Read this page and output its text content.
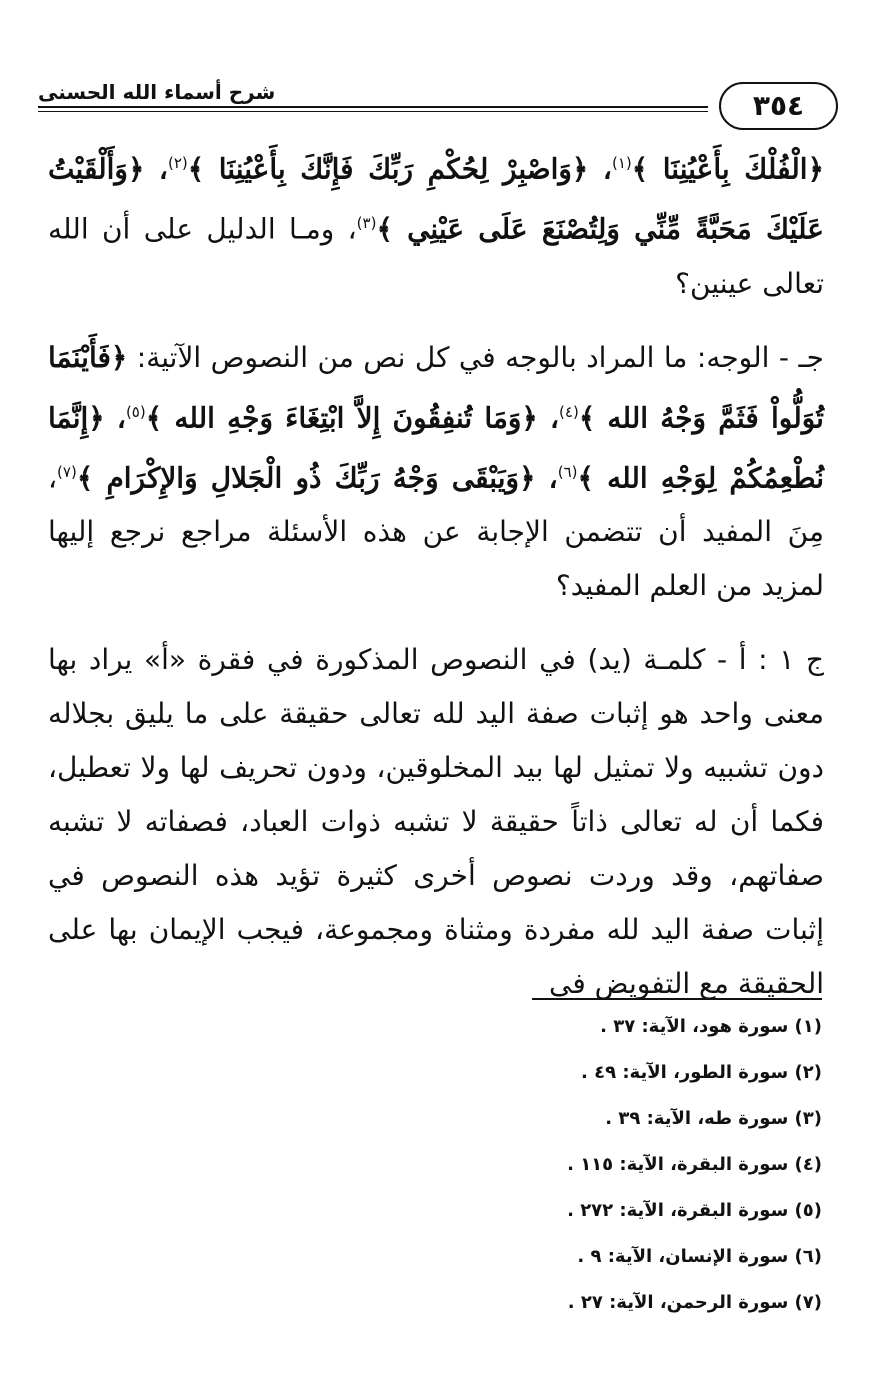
شرح أسماء الله الحسنى	٣٥٤

﴿الْفُلْكَ بِأَعْيُنِنَا ﴾$^{(١)}$، ﴿وَاصْبِرْ لِحُكْمِ رَبِّكَ فَإِنَّكَ بِأَعْيُنِنَا ﴾$^{(٢)}$، ﴿وَأَلْقَيْتُ عَلَيْكَ مَحَبَّةً مِّنِّي وَلِتُصْنَعَ عَلَى عَيْنِي ﴾$^{(٣)}$، ومـا الدليل على أن الله تعالى عينين؟

جـ - الوجه: ما المراد بالوجه في كل نص من النصوص الآتية: ﴿فَأَيْنَمَا تُوَلُّواْ فَثَمَّ وَجْهُ الله ﴾$^{(٤)}$، ﴿وَمَا تُنفِقُونَ إِلاَّ ابْتِغَاءَ وَجْهِ الله ﴾$^{(٥)}$، ﴿إِنَّمَا نُطْعِمُكُمْ لِوَجْهِ الله ﴾$^{(٦)}$، ﴿وَيَبْقَى وَجْهُ رَبِّكَ ذُو الْجَلالِ وَالإِكْرَامِ ﴾$^{(٧)}$، مِنَ المفيد أن تتضمن الإجابة عن هذه الأسئلة مراجع نرجع إليها لمزيد من العلم المفيد؟

ج ١ : أ - كلمـة (يد) في النصوص المذكورة في فقرة «أ» يراد بها معنى واحد هو إثبات صفة اليد لله تعالى حقيقة على ما يليق بجلاله دون تشبيه ولا تمثيل لها بيد المخلوقين، ودون تحريف لها ولا تعطيل، فكما أن له تعالى ذاتاً حقيقة لا تشبه ذوات العباد، فصفاته لا تشبه صفاتهم، وقد وردت نصوص أخرى كثيرة تؤيد هذه النصوص في إثبات صفة اليد لله مفردة ومثناة ومجموعة، فيجب الإيمان بها على الحقيقة مع التفويض في

(١) سورة هود، الآية: ٣٧ .
(٢) سورة الطور، الآية: ٤٩ .
(٣) سورة طه، الآية: ٣٩ .
(٤) سورة البقرة، الآية: ١١٥ .
(٥) سورة البقرة، الآية: ٢٧٢ .
(٦) سورة الإنسان، الآية: ٩ .
(٧) سورة الرحمن، الآية: ٢٧ .
